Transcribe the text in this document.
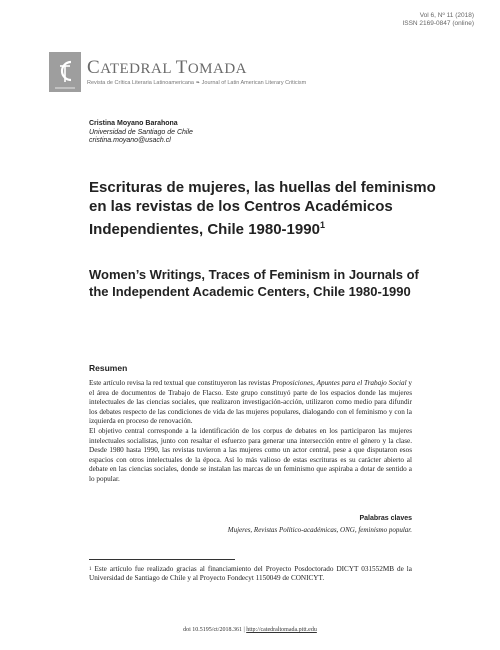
Vol 6, Nº 11 (2018)
ISSN 2169-0847 (online)
CATEDRAL TOMADA
Revista de Crítica Literaria Latinoamericana ❧ Journal of Latin American Literary Criticism
Cristina Moyano Barahona
Universidad de Santiago de Chile
cristina.moyano@usach.cl
Escrituras de mujeres, las huellas del feminismo en las revistas de los Centros Académicos Independientes, Chile 1980-1990$^1$
Women’s Writings, Traces of Feminism in Journals of the Independent Academic Centers, Chile 1980-1990
Resumen

Este artículo revisa la red textual que constituyeron las revistas Proposiciones, Apuntes para el Trabajo Social y el área de documentos de Trabajo de Flacso. Este grupo constituyó parte de los espacios donde las mujeres intelectuales de las ciencias sociales, que realizaron investigación-acción, utilizaron como medio para difundir los debates respecto de las condiciones de vida de las mujeres populares, dialogando con el feminismo y con la izquierda en proceso de renovación.

El objetivo central corresponde a la identificación de los corpus de debates en los participaron las mujeres intelectuales socialistas, junto con resaltar el esfuerzo para generar una intersección entre el género y la clase. Desde 1980 hasta 1990, las revistas tuvieron a las mujeres como un actor central, pese a que disputaron esos espacios con otros intelectuales de la época. Así lo más valioso de estas escrituras es su carácter abierto al debate en las ciencias sociales, donde se instalan las marcas de un feminismo que aspiraba a dotar de sentido a lo popular.

Palabras claves
Mujeres, Revistas Político-académicas, ONG, feminismo popular.
$^1$ Este artículo fue realizado gracias al financiamiento del Proyecto Posdoctorado DICYT 031552MB de la Universidad de Santiago de Chile y al Proyecto Fondecyt 1150049 de CONICYT.
doi 10.5195/ct/2018.361 | http://catedraltomada.pitt.edu
